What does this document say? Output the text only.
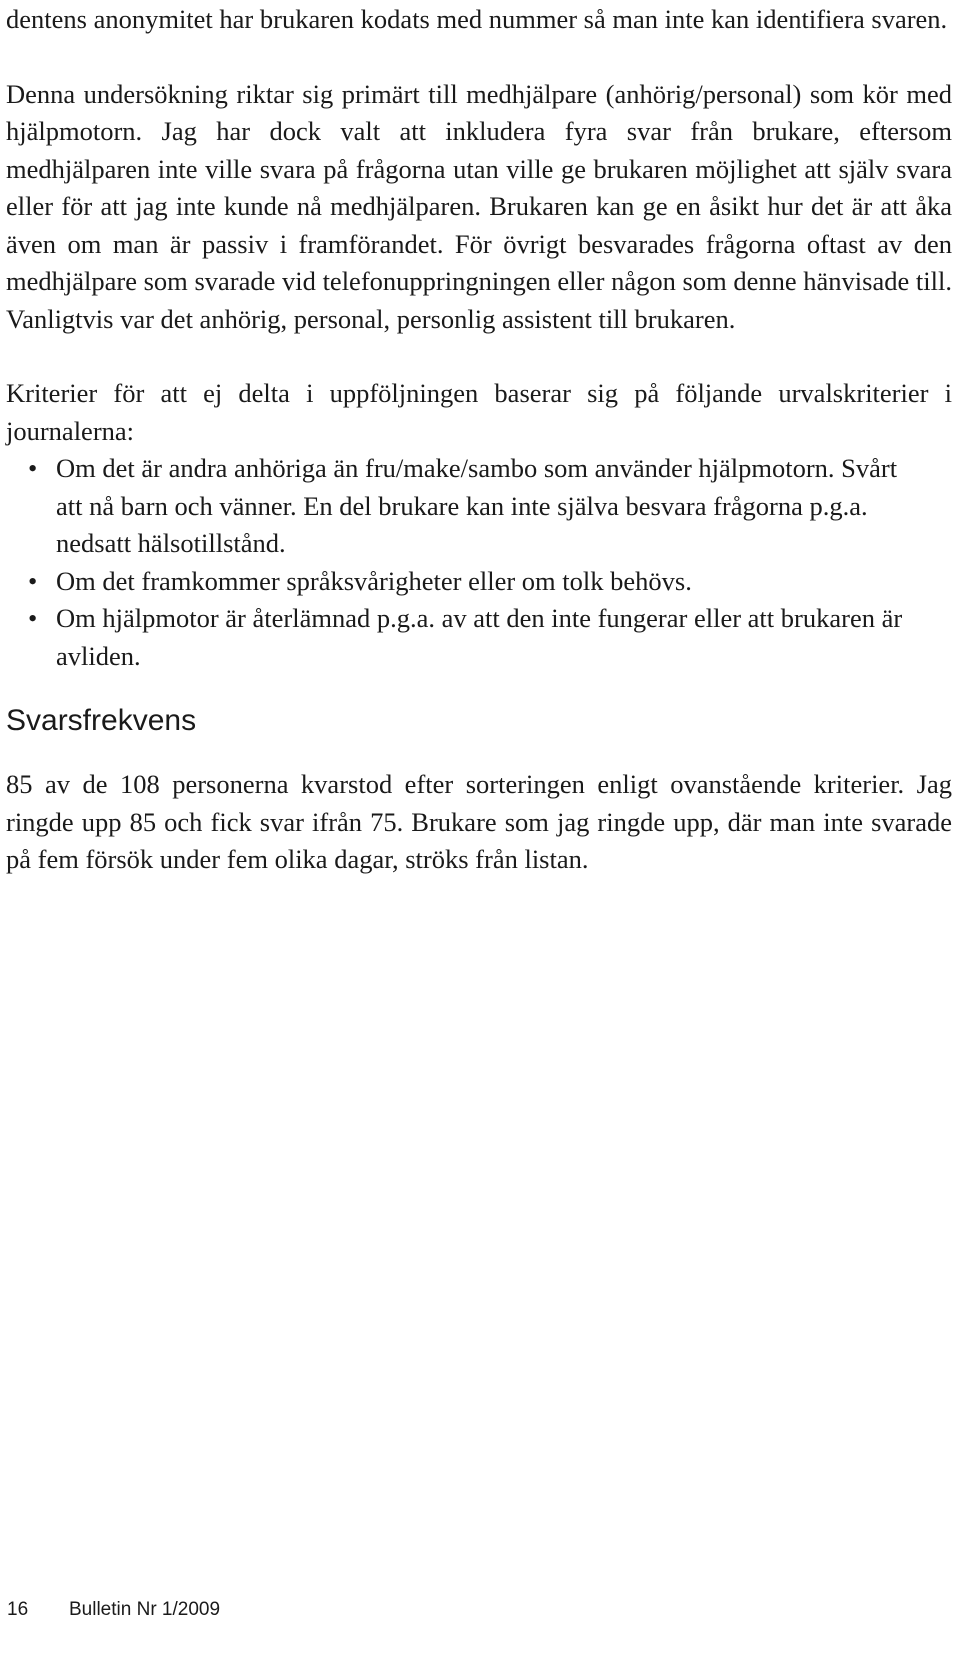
dentens anonymitet har brukaren kodats med nummer så man inte kan identifiera svaren.

Denna undersökning riktar sig primärt till medhjälpare (anhörig/personal) som kör med hjälpmotorn. Jag har dock valt att inkludera fyra svar från brukare, eftersom medhjälparen inte ville svara på frågorna utan ville ge brukaren möjlighet att själv svara eller för att jag inte kunde nå medhjälparen. Brukaren kan ge en åsikt hur det är att åka även om man är passiv i framförandet. För övrigt besvarades frågorna oftast av den medhjälpare som svarade vid telefonuppringningen eller någon som denne hänvisade till. Vanligtvis var det anhörig, personal, personlig assistent till brukaren.

Kriterier för att ej delta i uppföljningen baserar sig på följande urvalskriterier i journalerna:

• Om det är andra anhöriga än fru/make/sambo som använder hjälpmotorn. Svårt att nå barn och vänner. En del brukare kan inte själva besvara frågorna p.g.a. nedsatt hälsotillstånd.
• Om det framkommer språksvårigheter eller om tolk behövs.
• Om hjälpmotor är återlämnad p.g.a. av att den inte fungerar eller att brukaren är avliden.
Svarsfrekvens

85 av de 108 personerna kvarstod efter sorteringen enligt ovanstående kriterier. Jag ringde upp 85 och fick svar ifrån 75. Brukare som jag ringde upp, där man inte svarade på fem försök under fem olika dagar, ströks från listan.

16 Bulletin Nr 1/2009
